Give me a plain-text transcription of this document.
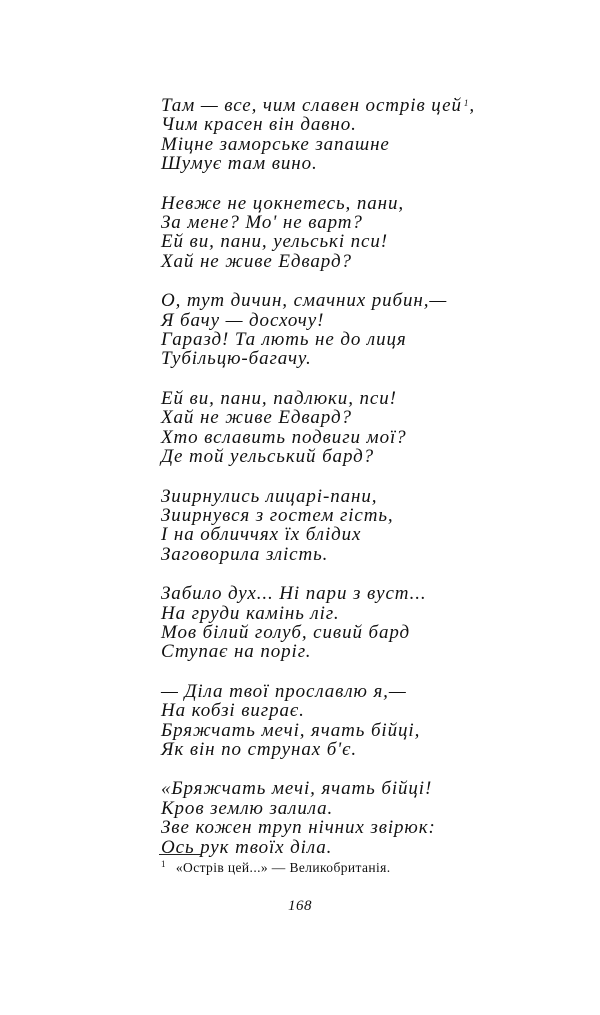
Там — все, чим славен острів цей $^1$,
Чим красен він давно.
Міцне заморське запашне
Шумує там вино.
Невже не цокнетесь, пани,
За мене? Мо' не варт?
Ей ви, пани, уельські пси!
Хай не живе Едвард?
О, тут дичин, смачних рибин,—
Я бачу — досхочу!
Гаразд! Та лють не до лиця
Тубільцю-багачу.
Ей ви, пани, падлюки, пси!
Хай не живе Едвард?
Хто вславить подвиги мої?
Де той уельський бард?
Зиирнулись лицарі-пани,
Зиирнувся з гостем гість,
І на обличчях їх блідих
Заговорила злість.
Забило дух... Ні пари з вуст...
На груди камінь ліг.
Мов білий голуб, сивий бард
Ступає на поріг.
— Діла твої прославлю я,—
На кобзі виграє.
Бряжчать мечі, ячать бійці,
Як він по струнах б'є.
«Бряжчать мечі, ячать бійці!
Кров землю залила.
Зве кожен труп нічних звірюк:
Ось рук твоїх діла.
$^1$ «Острів цей...» — Великобританія.
168
